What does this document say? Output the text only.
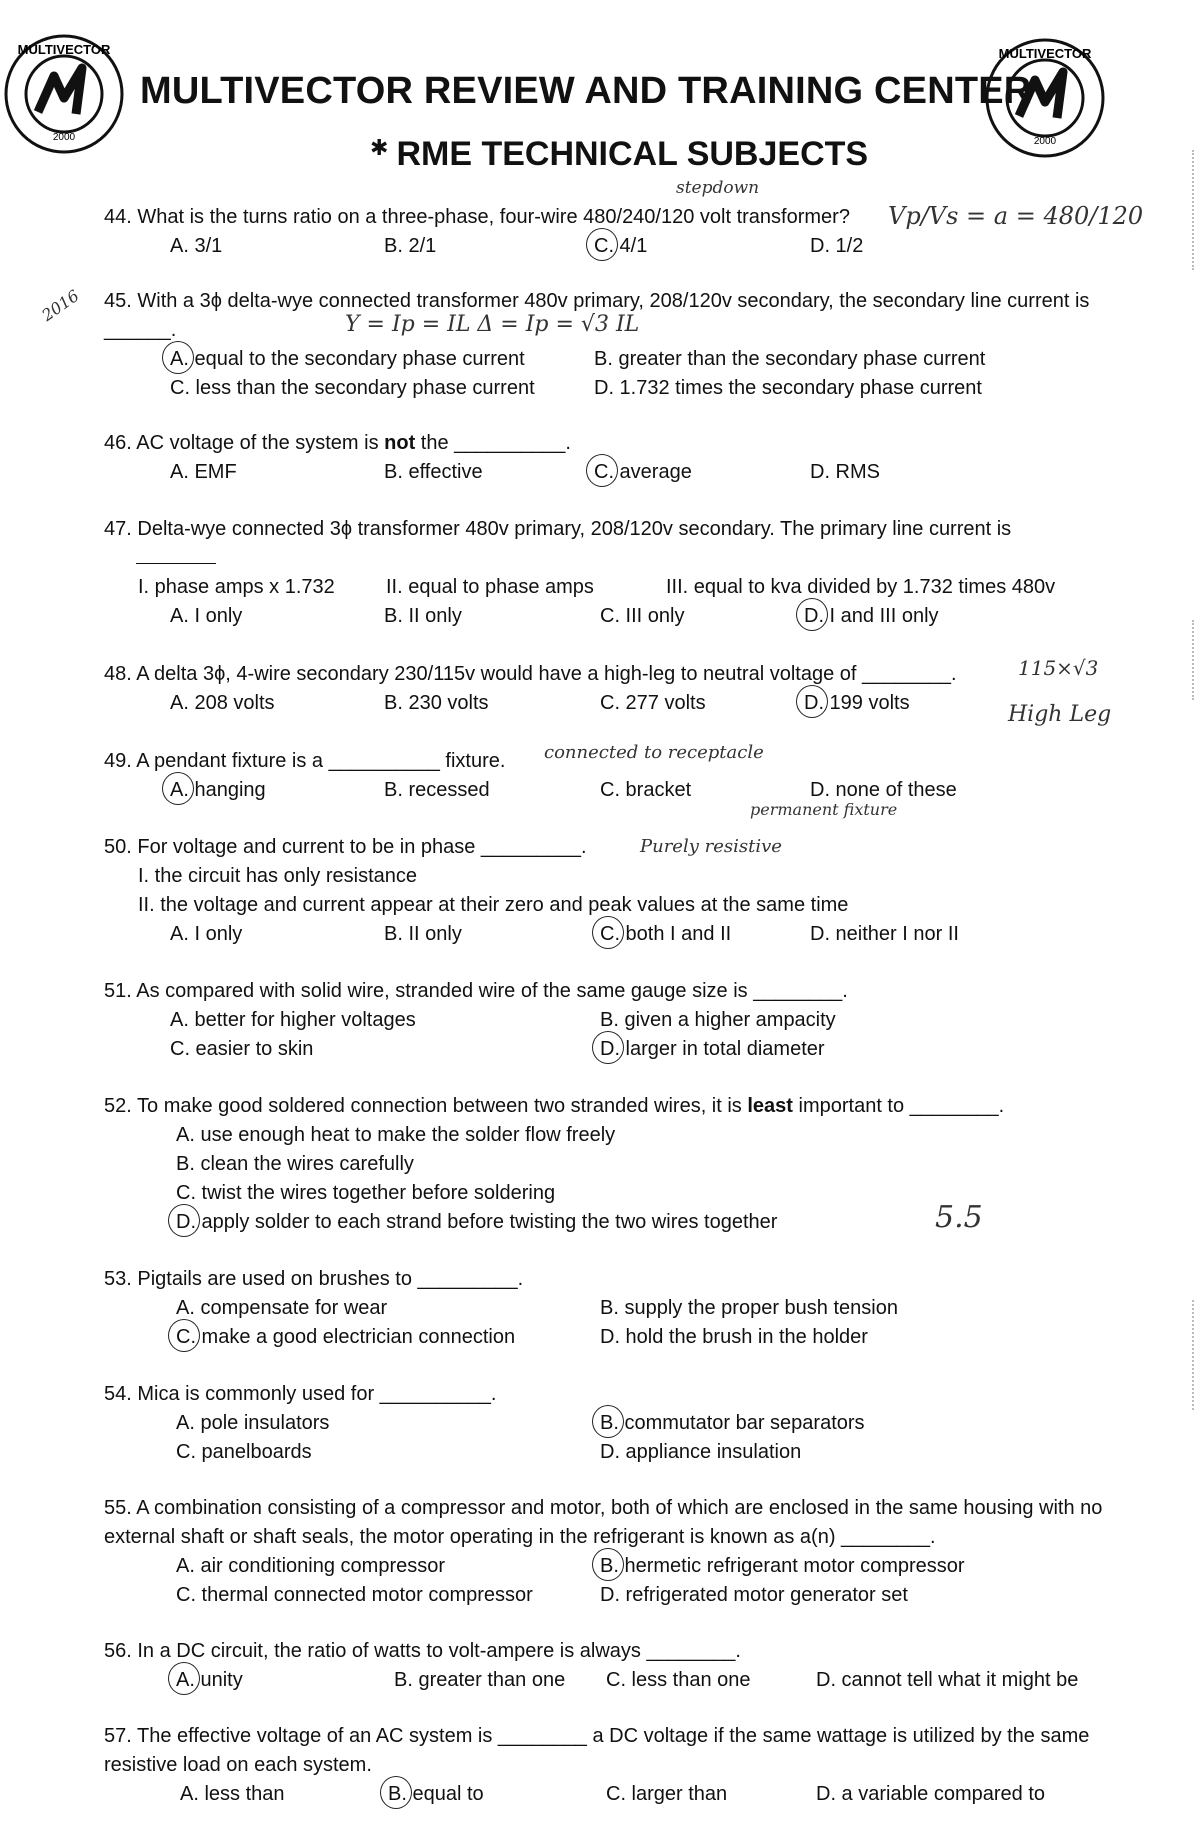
MULTIVECTOR
2000
MULTIVECTOR
2000
MULTIVECTOR REVIEW AND TRAINING CENTER
✱ RME TECHNICAL SUBJECTS
44. What is the turns ratio on a three-phase, four-wire 480/240/120 volt transformer?
A. 3/1	B. 2/1	C. 4/1	D. 1/2
45. With a 3ϕ delta-wye connected transformer 480v primary, 208/120v secondary, the secondary line current is ______.
A. equal to the secondary phase current	B. greater than the secondary phase current
C. less than the secondary phase current	D. 1.732 times the secondary phase current
46. AC voltage of the system is not the __________.
A. EMF	B. effective	C. average	D. RMS
47. Delta-wye connected 3ϕ transformer 480v primary, 208/120v secondary. The primary line current is
I. phase amps x 1.732	II. equal to phase amps	III. equal to kva divided by 1.732 times 480v
A. I only	B. II only	C. III only	D. I and III only
48. A delta 3ϕ, 4-wire secondary 230/115v would have a high-leg to neutral voltage of ________.
A. 208 volts	B. 230 volts	C. 277 volts	D. 199 volts
49. A pendant fixture is a __________ fixture.
A. hanging	B. recessed	C. bracket	D. none of these
50. For voltage and current to be in phase _________.
I. the circuit has only resistance
II. the voltage and current appear at their zero and peak values at the same time
A. I only	B. II only	C. both I and II	D. neither I nor II
51. As compared with solid wire, stranded wire of the same gauge size is ________.
A. better for higher voltages	B. given a higher ampacity
C. easier to skin	D. larger in total diameter
52. To make good soldered connection between two stranded wires, it is least important to ________.
A. use enough heat to make the solder flow freely
B. clean the wires carefully
C. twist the wires together before soldering
D. apply solder to each strand before twisting the two wires together
53. Pigtails are used on brushes to _________.
A. compensate for wear	B. supply the proper bush tension
C. make a good electrician connection	D. hold the brush in the holder
54. Mica is commonly used for __________.
A. pole insulators	B. commutator bar separators
C. panelboards	D. appliance insulation
55. A combination consisting of a compressor and motor, both of which are enclosed in the same housing with no external shaft or shaft seals, the motor operating in the refrigerant is known as a(n) ________.
A. air conditioning compressor	B. hermetic refrigerant motor compressor
C. thermal connected motor compressor	D. refrigerated motor generator set
56. In a DC circuit, the ratio of watts to volt-ampere is always ________.
A. unity	B. greater than one C. less than one	D. cannot tell what it might be
57. The effective voltage of an AC system is ________ a DC voltage if the same wattage is utilized by the same resistive load on each system.
A. less than	B. equal to	C. larger than	D. a variable compared to
stepdown
Vp/Vs = a = 480/120
Y = Ip = IL Δ = Ip = √3 IL
2016
115×√3
High Leg
connected to receptacle
permanent fixture
Purely resistive
5.5
